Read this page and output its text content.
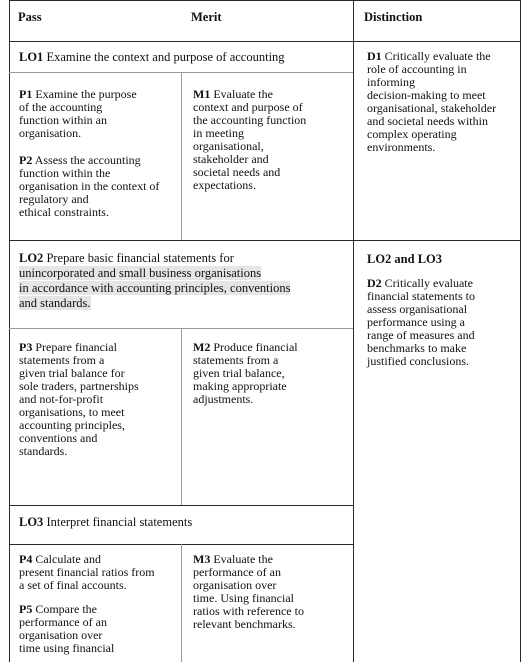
Pass	Merit	Distinction
LO1 Examine the context and purpose of accounting

P1 Examine the purpose
of the accounting
function within an
organisation.

P2 Assess the accounting
function within the
organisation in the context of
regulatory and
ethical constraints.

M1 Evaluate the
context and purpose of
the accounting function
in meeting
organisational,
stakeholder and
societal needs and
expectations.

D1 Critically evaluate the
role of accounting in
informing
decision-making to meet
organisational, stakeholder
and societal needs within
complex operating
environments.

LO2 Prepare basic financial statements for
unincorporated and small business organisations
in accordance with accounting principles, conventions
and standards.

P3 Prepare financial
statements from a
given trial balance for
sole traders, partnerships
and not-for-profit
organisations, to meet
accounting principles,
conventions and
standards.

M2 Produce financial
statements from a
given trial balance,
making appropriate
adjustments.

LO2 and LO3

D2 Critically evaluate
financial statements to
assess organisational
performance using a
range of measures and
benchmarks to make
justified conclusions.

LO3 Interpret financial statements

P4 Calculate and
present financial ratios from
a set of final accounts.

P5 Compare the
performance of an
organisation over
time using financial

M3 Evaluate the
performance of an
organisation over
time. Using financial
ratios with reference to
relevant benchmarks.
